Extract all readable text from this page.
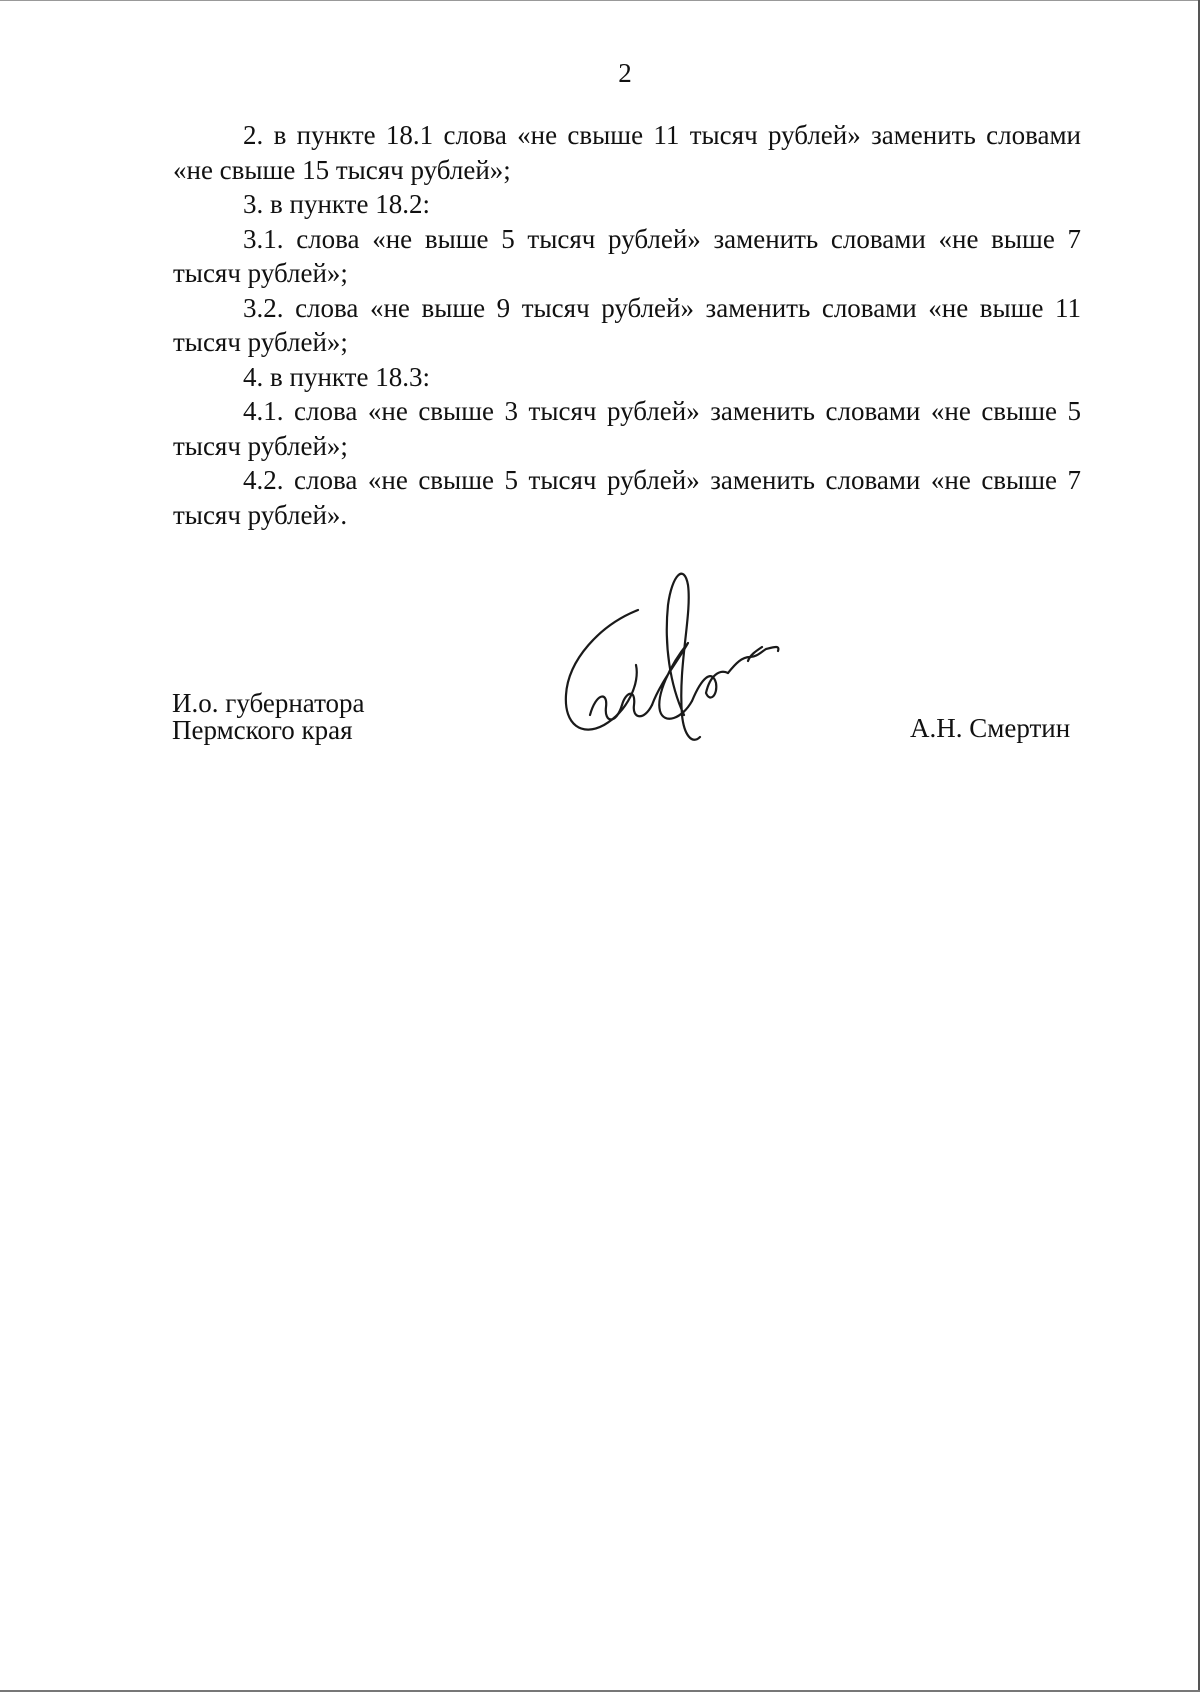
2

2. в пункте 18.1 слова «не свыше 11 тысяч рублей» заменить словами «не свыше 15 тысяч рублей»;

3. в пункте 18.2:

3.1. слова «не выше 5 тысяч рублей» заменить словами «не выше 7 тысяч рублей»;

3.2. слова «не выше 9 тысяч рублей» заменить словами «не выше 11 тысяч рублей»;

4. в пункте 18.3:

4.1. слова «не свыше 3 тысяч рублей» заменить словами «не свыше 5 тысяч рублей»;

4.2. слова «не свыше 5 тысяч рублей» заменить словами «не свыше 7 тысяч рублей».

И.о. губернатора
Пермского края	А.Н. Смертин
